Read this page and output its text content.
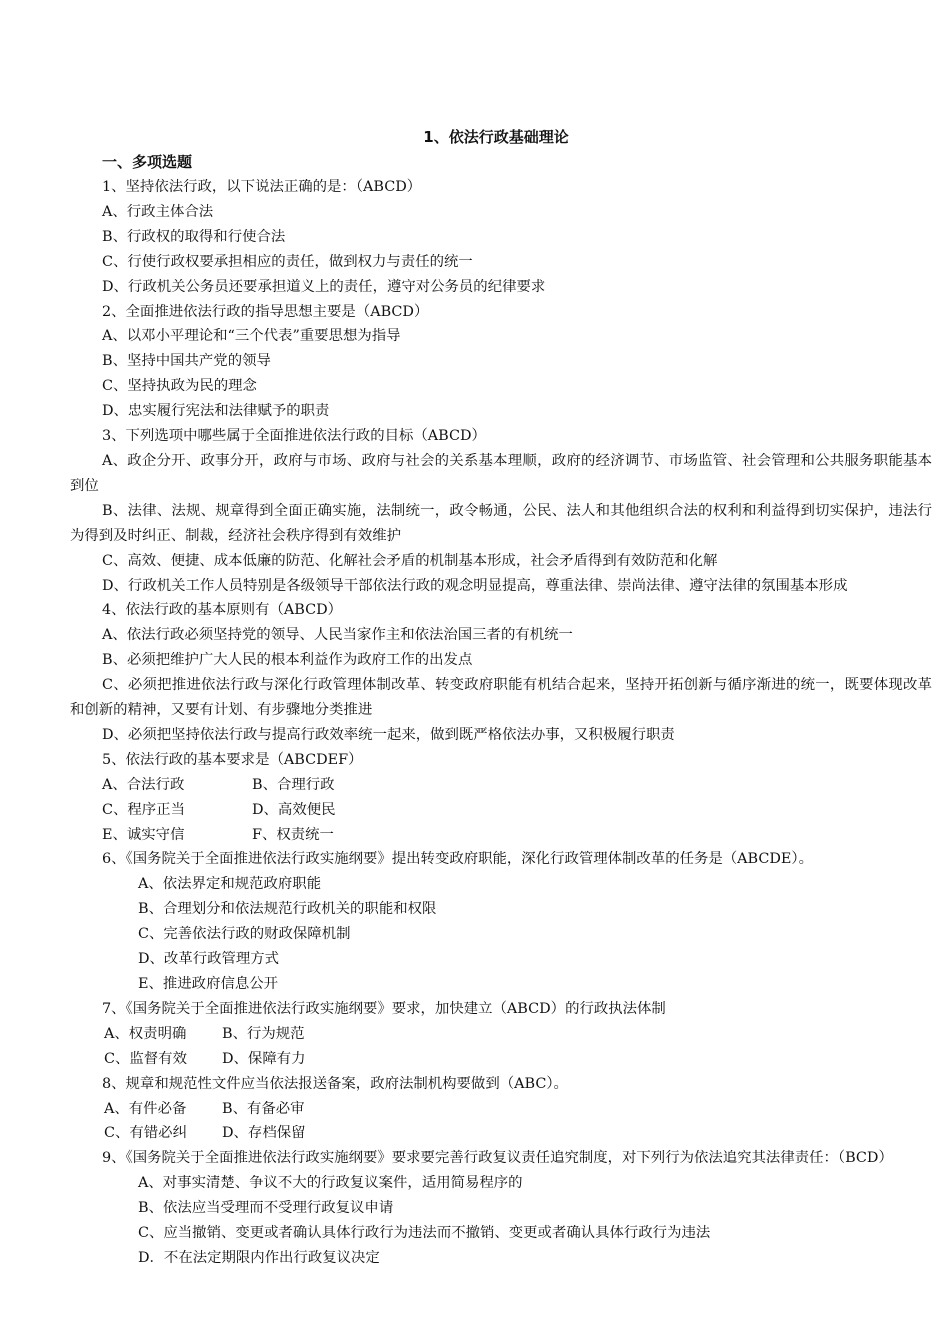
1、依法行政基础理论
一、多项选题

1、坚持依法行政，以下说法正确的是：（ABCD）

A、行政主体合法

B、行政权的取得和行使合法

C、行使行政权要承担相应的责任，做到权力与责任的统一

D、行政机关公务员还要承担道义上的责任，遵守对公务员的纪律要求

2、全面推进依法行政的指导思想主要是（ABCD）

A、以邓小平理论和“三个代表”重要思想为指导

B、坚持中国共产党的领导

C、坚持执政为民的理念

D、忠实履行宪法和法律赋予的职责

3、下列选项中哪些属于全面推进依法行政的目标（ABCD）

A、政企分开、政事分开，政府与市场、政府与社会的关系基本理顺，政府的经济调节、市场监管、社会管理和公共服务职能基本到位

B、法律、法规、规章得到全面正确实施，法制统一，政令畅通，公民、法人和其他组织合法的权利和利益得到切实保护，违法行为得到及时纠正、制裁，经济社会秩序得到有效维护

C、高效、便捷、成本低廉的防范、化解社会矛盾的机制基本形成，社会矛盾得到有效防范和化解

D、行政机关工作人员特别是各级领导干部依法行政的观念明显提高，尊重法律、崇尚法律、遵守法律的氛围基本形成

4、依法行政的基本原则有（ABCD）

A、依法行政必须坚持党的领导、人民当家作主和依法治国三者的有机统一

B、必须把维护广大人民的根本利益作为政府工作的出发点

C、必须把推进依法行政与深化行政管理体制改革、转变政府职能有机结合起来，坚持开拓创新与循序渐进的统一，既要体现改革和创新的精神，又要有计划、有步骤地分类推进

D、必须把坚持依法行政与提高行政效率统一起来，做到既严格依法办事，又积极履行职责

5、依法行政的基本要求是（ABCDEF）

A、合法行政	B、合理行政
C、程序正当	D、高效便民
E、诚实守信	F、权责统一

6、《国务院关于全面推进依法行政实施纲要》提出转变政府职能，深化行政管理体制改革的任务是（ABCDE）。

A、依法界定和规范政府职能

B、合理划分和依法规范行政机关的职能和权限

C、完善依法行政的财政保障机制

D、改革行政管理方式

E、推进政府信息公开

7、《国务院关于全面推进依法行政实施纲要》要求，加快建立（ABCD）的行政执法体制

A、权责明确	B、行为规范
C、监督有效	D、保障有力

8、规章和规范性文件应当依法报送备案，政府法制机构要做到（ABC）。

A、有件必备	B、有备必审
C、有错必纠	D、存档保留

9、《国务院关于全面推进依法行政实施纲要》要求要完善行政复议责任追究制度，对下列行为依法追究其法律责任：（BCD）

A、对事实清楚、争议不大的行政复议案件，适用简易程序的

B、依法应当受理而不受理行政复议申请

C、应当撤销、变更或者确认具体行政行为违法而不撤销、变更或者确认具体行政行为违法

D．不在法定期限内作出行政复议决定
